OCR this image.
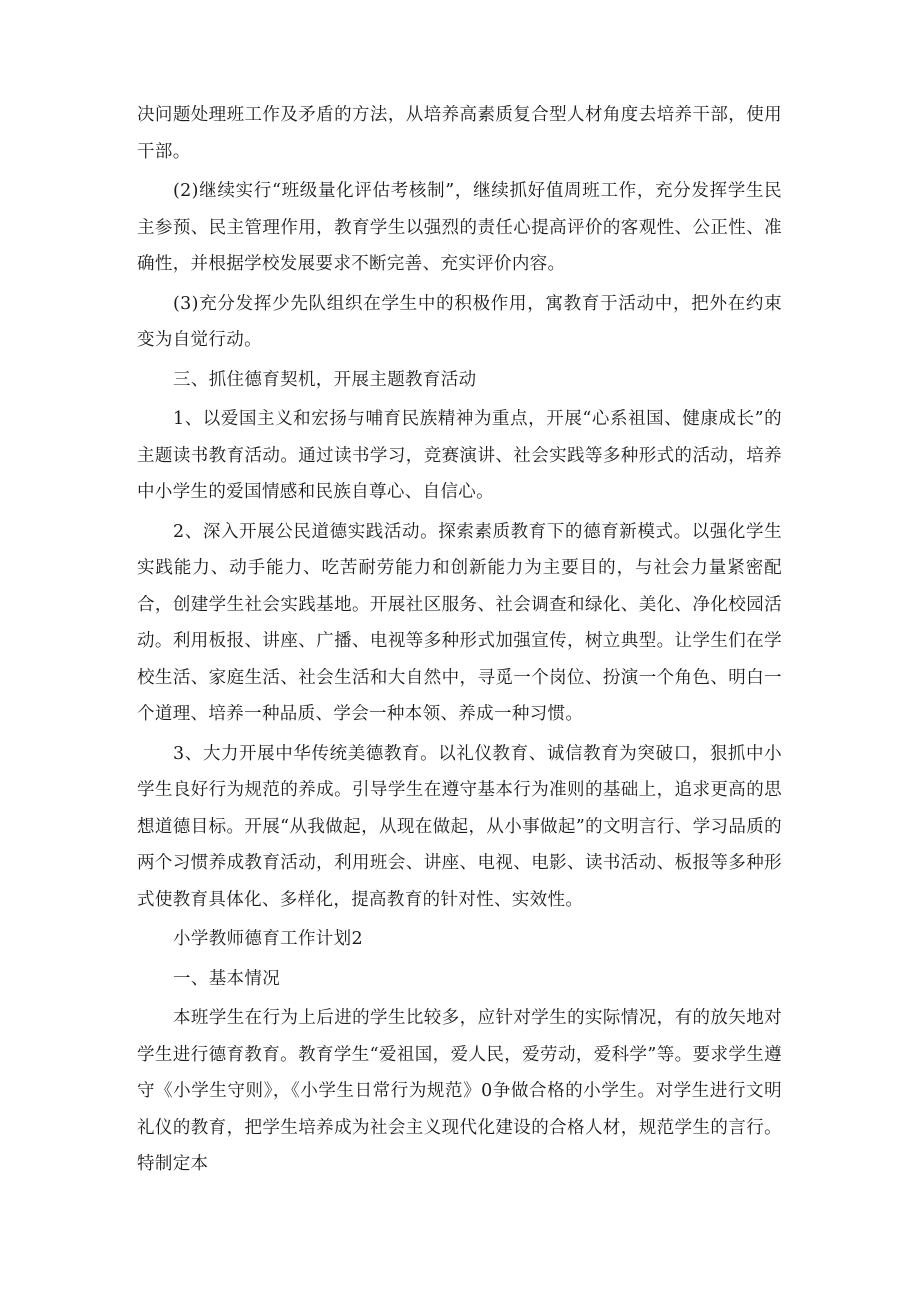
决问题处理班工作及矛盾的方法，从培养高素质复合型人材角度去培养干部，使用干部。

(2)继续实行“班级量化评估考核制”，继续抓好值周班工作，充分发挥学生民主参预、民主管理作用，教育学生以强烈的责任心提高评价的客观性、公正性、准确性，并根据学校发展要求不断完善、充实评价内容。

(3)充分发挥少先队组织在学生中的积极作用，寓教育于活动中，把外在约束变为自觉行动。

三、抓住德育契机，开展主题教育活动

1、以爱国主义和宏扬与哺育民族精神为重点，开展“心系祖国、健康成长”的主题读书教育活动。通过读书学习，竞赛演讲、社会实践等多种形式的活动，培养中小学生的爱国情感和民族自尊心、自信心。

2、深入开展公民道德实践活动。探索素质教育下的德育新模式。以强化学生实践能力、动手能力、吃苦耐劳能力和创新能力为主要目的，与社会力量紧密配合，创建学生社会实践基地。开展社区服务、社会调查和绿化、美化、净化校园活动。利用板报、讲座、广播、电视等多种形式加强宣传，树立典型。让学生们在学校生活、家庭生活、社会生活和大自然中，寻觅一个岗位、扮演一个角色、明白一个道理、培养一种品质、学会一种本领、养成一种习惯。

3、大力开展中华传统美德教育。以礼仪教育、诚信教育为突破口，狠抓中小学生良好行为规范的养成。引导学生在遵守基本行为准则的基础上，追求更高的思想道德目标。开展“从我做起，从现在做起，从小事做起”的文明言行、学习品质的两个习惯养成教育活动，利用班会、讲座、电视、电影、读书活动、板报等多种形式使教育具体化、多样化，提高教育的针对性、实效性。

小学教师德育工作计划2

一、基本情况

本班学生在行为上后进的学生比较多，应针对学生的实际情况，有的放矢地对学生进行德育教育。教育学生“爱祖国，爱人民，爱劳动，爱科学”等。要求学生遵守《小学生守则》，《小学生日常行为规范》0争做合格的小学生。对学生进行文明礼仪的教育，把学生培养成为社会主义现代化建设的合格人材，规范学生的言行。特制定本
